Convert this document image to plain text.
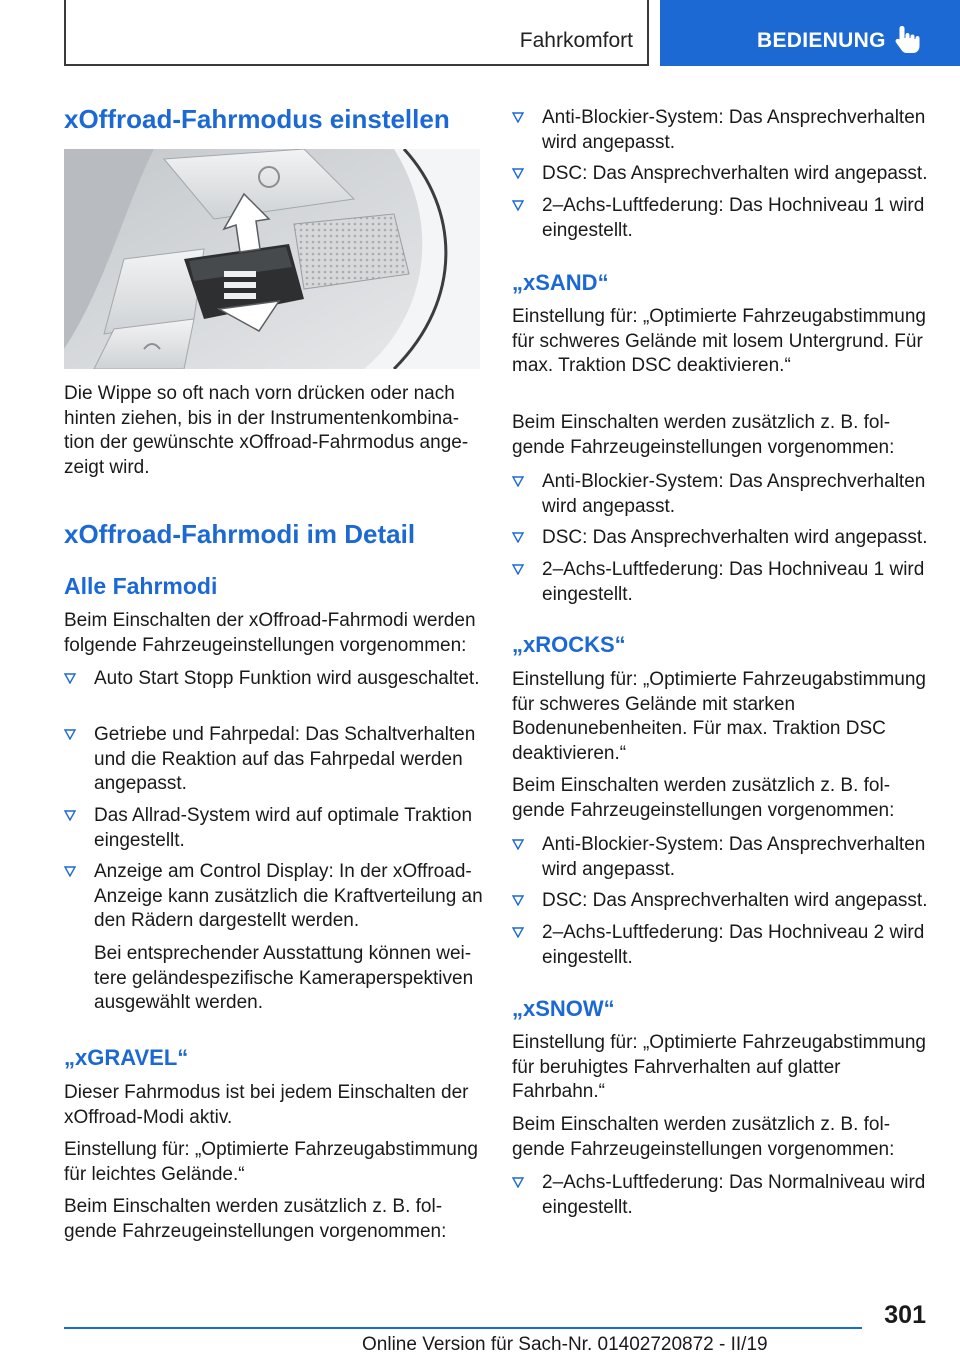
Fahrkomfort	BEDIENUNG
xOffroad-Fahrmodus einstellen
Die Wippe so oft nach vorn drücken oder nach hinten ziehen, bis in der Instrumentenkombination der gewünschte xOffroad-Fahrmodus angezeigt wird.
xOffroad-Fahrmodi im Detail
Alle Fahrmodi
Beim Einschalten der xOffroad-Fahrmodi werden folgende Fahrzeugeinstellungen vorgenommen:
Auto Start Stopp Funktion wird ausgeschaltet.
Getriebe und Fahrpedal: Das Schaltverhalten und die Reaktion auf das Fahrpedal werden angepasst.
Das Allrad-System wird auf optimale Traktion eingestellt.
Anzeige am Control Display: In der xOffroad-Anzeige kann zusätzlich die Kraftverteilung an den Rädern dargestellt werden.
Bei entsprechender Ausstattung können weitere geländespezifische Kameraperspektiven ausgewählt werden.
„xGRAVEL“
Dieser Fahrmodus ist bei jedem Einschalten der xOffroad-Modi aktiv.
Einstellung für: „Optimierte Fahrzeugabstimmung für leichtes Gelände.“
Beim Einschalten werden zusätzlich z. B. folgende Fahrzeugeinstellungen vorgenommen:
Anti-Blockier-System: Das Ansprechverhalten wird angepasst.
DSC: Das Ansprechverhalten wird angepasst.
2–Achs-Luftfederung: Das Hochniveau 1 wird eingestellt.
„xSAND“
Einstellung für: „Optimierte Fahrzeugabstimmung für schweres Gelände mit losem Untergrund. Für max. Traktion DSC deaktivieren.“
Beim Einschalten werden zusätzlich z. B. folgende Fahrzeugeinstellungen vorgenommen:
Anti-Blockier-System: Das Ansprechverhalten wird angepasst.
DSC: Das Ansprechverhalten wird angepasst.
2–Achs-Luftfederung: Das Hochniveau 1 wird eingestellt.
„xROCKS“
Einstellung für: „Optimierte Fahrzeugabstimmung für schweres Gelände mit starken Bodenunebenheiten. Für max. Traktion DSC deaktivieren.“
Beim Einschalten werden zusätzlich z. B. folgende Fahrzeugeinstellungen vorgenommen:
Anti-Blockier-System: Das Ansprechverhalten wird angepasst.
DSC: Das Ansprechverhalten wird angepasst.
2–Achs-Luftfederung: Das Hochniveau 2 wird eingestellt.
„xSNOW“
Einstellung für: „Optimierte Fahrzeugabstimmung für beruhigtes Fahrverhalten auf glatter Fahrbahn.“
Beim Einschalten werden zusätzlich z. B. folgende Fahrzeugeinstellungen vorgenommen:
2–Achs-Luftfederung: Das Normalniveau wird eingestellt.
301
Online Version für Sach-Nr. 01402720872 - II/19
